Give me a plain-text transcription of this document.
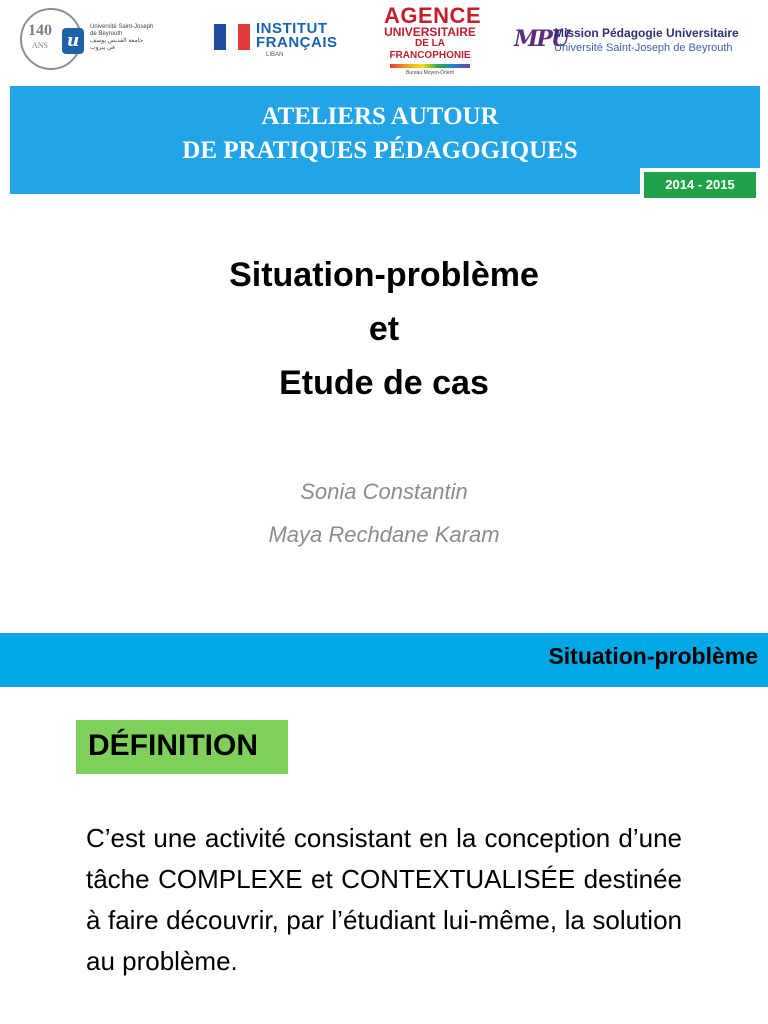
140
ANS u
Université Saint-Joseph
de Beyrouth
جامعة القديس يوسف
في بيروت
INSTITUT
FRANÇAIS
LIBAN
AGENCE
UNIVERSITAIRE
DE LA FRANCOPHONIE
Bureau Moyen-Orient
MPU
Mission Pédagogie Universitaire
Université Saint-Joseph de Beyrouth
ATELIERS AUTOUR
DE PRATIQUES PÉDAGOGIQUES
2014 - 2015
Situation-problème
et
Etude de cas
Sonia Constantin
Maya Rechdane Karam
Situation-problème
DÉFINITION
C’est une activité consistant en la conception d’une tâche COMPLEXE et CONTEXTUALISÉE destinée à faire découvrir, par l’étudiant lui-même, la solution au problème.
